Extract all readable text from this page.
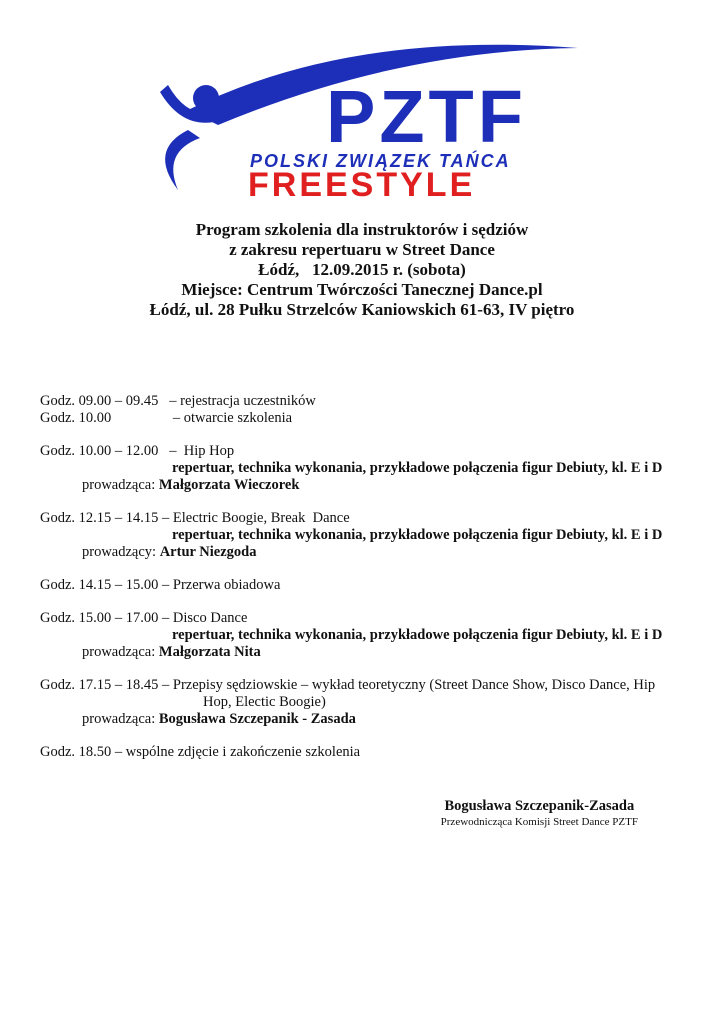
PZTF
POLSKI ZWIĄZEK TAŃCA
FREESTYLE
Program szkolenia dla instruktorów i sędziów
z zakresu repertuaru w Street Dance
Łódź,   12.09.2015 r. (sobota)
Miejsce: Centrum Twórczości Tanecznej Dance.pl
Łódź, ul. 28 Pułku Strzelców Kaniowskich 61-63, IV piętro
Godz. 09.00 – 09.45   – rejestracja uczestników
Godz. 10.00                 – otwarcie szkolenia
Godz. 10.00 – 12.00   –  Hip Hop
repertuar, technika wykonania, przykładowe połączenia figur Debiuty, kl. E i D
prowadząca: Małgorzata Wieczorek
Godz. 12.15 – 14.15 – Electric Boogie, Break  Dance
repertuar, technika wykonania, przykładowe połączenia figur Debiuty, kl. E i D
prowadzący: Artur Niezgoda
Godz. 14.15 – 15.00 – Przerwa obiadowa
Godz. 15.00 – 17.00 – Disco Dance
repertuar, technika wykonania, przykładowe połączenia figur Debiuty, kl. E i D
prowadząca: Małgorzata Nita
Godz. 17.15 – 18.45 – Przepisy sędziowskie – wykład teoretyczny (Street Dance Show, Disco Dance, Hip
Hop, Electic Boogie)
prowadząca: Bogusława Szczepanik - Zasada
Godz. 18.50 – wspólne zdjęcie i zakończenie szkolenia
Bogusława Szczepanik-Zasada
Przewodnicząca Komisji Street Dance PZTF
